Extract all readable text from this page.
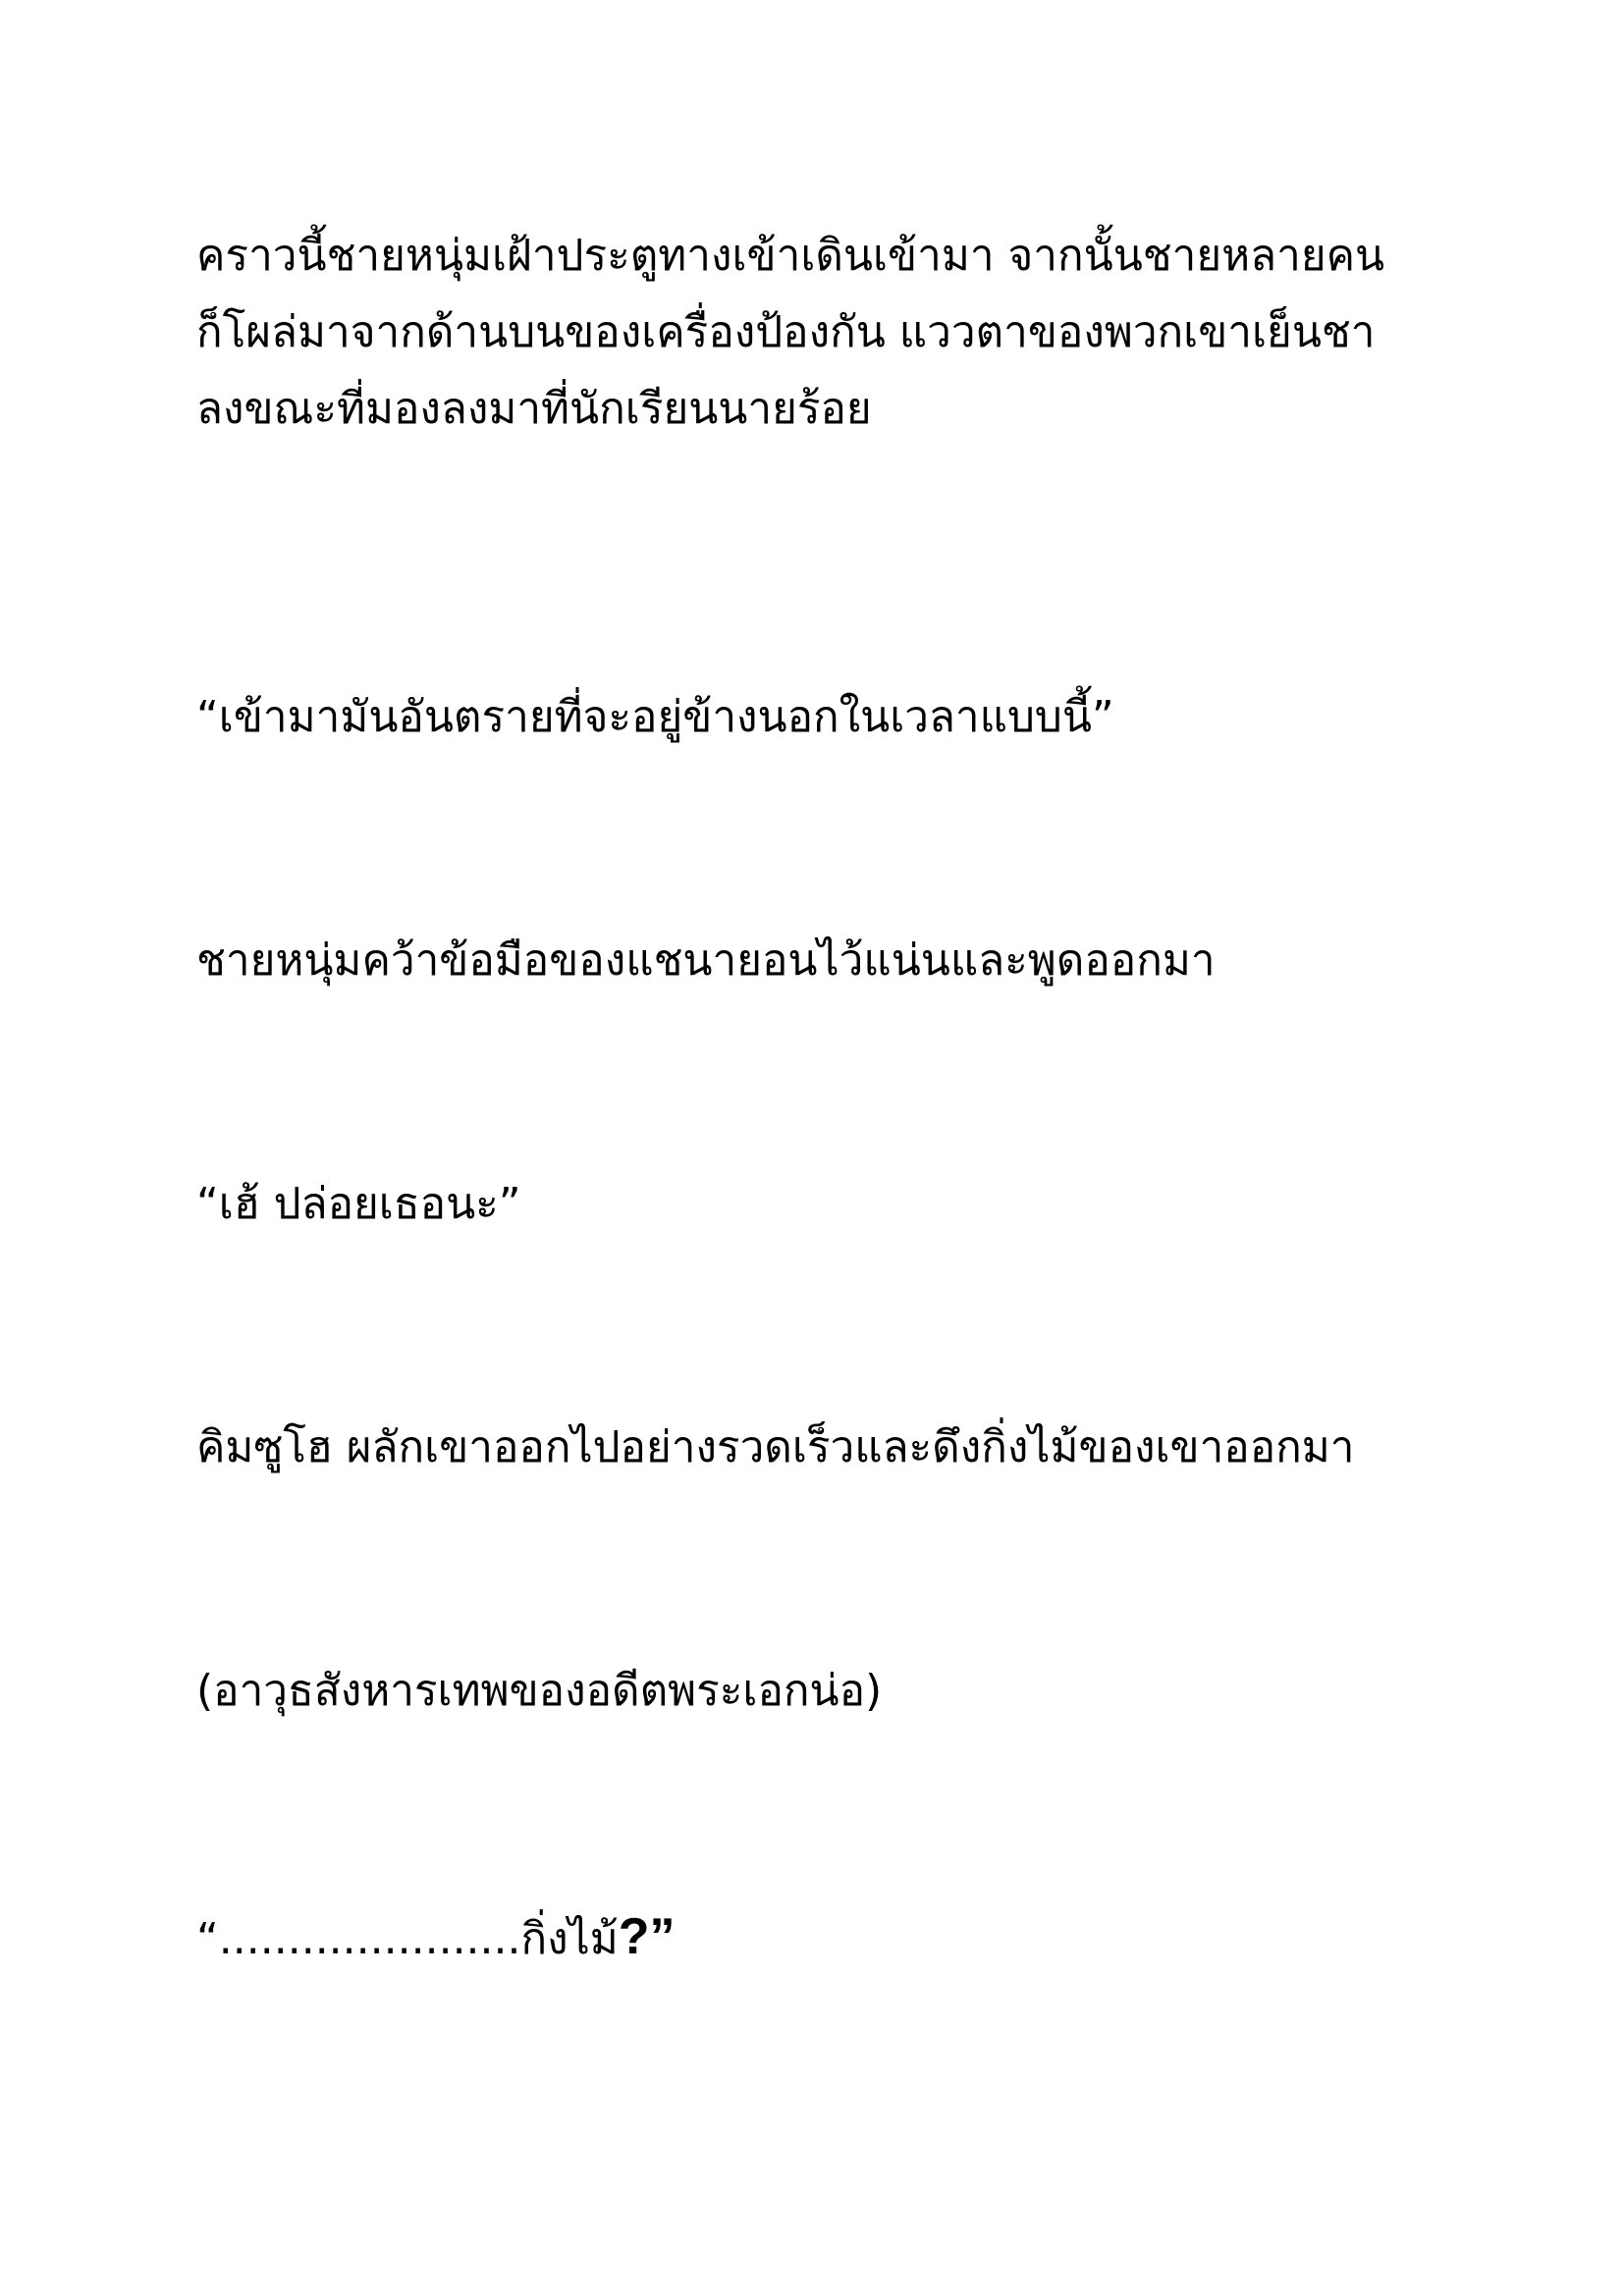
คราวนี้ชายหนุ่มเฝ้าประตูทางเข้าเดินเข้ามา จากนั้นชายหลายคน
ก็โผล่มาจากด้านบนของเครื่องป้องกัน แววตาของพวกเขาเย็นชา
ลงขณะที่มองลงมาที่นักเรียนนายร้อย

“เข้ามามันอันตรายที่จะอยู่ข้างนอกในเวลาแบบนี้”

ชายหนุ่มคว้าข้อมือของแชนายอนไว้แน่นและพูดออกมา

“เฮ้ ปล่อยเธอนะ”

คิมซูโฮ ผลักเขาออกไปอย่างรวดเร็วและดึงกิ่งไม้ของเขาออกมา

(อาวุธสังหารเทพของอดีตพระเอกน่อ)

“......................กิ่งไม้?”
